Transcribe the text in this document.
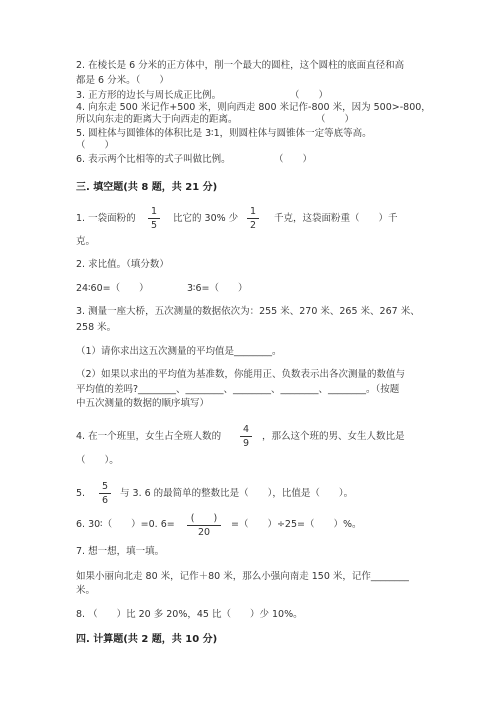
2. 在棱长是 6 分米的正方体中，削一个最大的圆柱，这个圆柱的底面直径和高
都是 6 分米。（　　）
3. 正方形的边长与周长成正比例。	（　　）
4. 向东走 500 米记作+500 米，则向西走 800 米记作-800 米，因为 500>-800，
所以向东走的距离大于向西走的距离。	（　　）
5. 圆柱体与圆锥体的体积比是 3∶1，则圆柱体与圆锥体一定等底等高。
（　　）
6. 表示两个比相等的式子叫做比例。	（　　）
三. 填空题(共 8 题，共 21 分)
1. 一袋面粉的
1
5
比它的 30% 少
1
2
千克，这袋面粉重（　　）千
克。
2. 求比值。（填分数）
24∶60=（　　）	3∶6=（　　）
3. 测量一座大桥，五次测量的数据依次为：255 米、270 米、265 米、267 米、
258 米。
（1）请你求出这五次测量的平均值是________。
（2）如果以求出的平均值为基准数，你能用正、负数表示出各次测量的数值与
平均值的差吗?________、________、________、________、________。（按题
中五次测量的数据的顺序填写）
4. 在一个班里，女生占全班人数的
4
9
，那么这个班的男、女生人数比是
（　　）。
5.
5
6
与 3. 6 的最简单的整数比是（　　），比值是（　　）。
6. 30∶（　　）=0. 6=
(　　)
20
=（　　）÷25=（　　）%。
7. 想一想，填一填。
如果小丽向北走 80 米，记作＋80 米，那么小强向南走 150 米，记作________
米。
8. （　　）比 20 多 20%，45 比（　　）少 10%。
四. 计算题(共 2 题，共 10 分)
